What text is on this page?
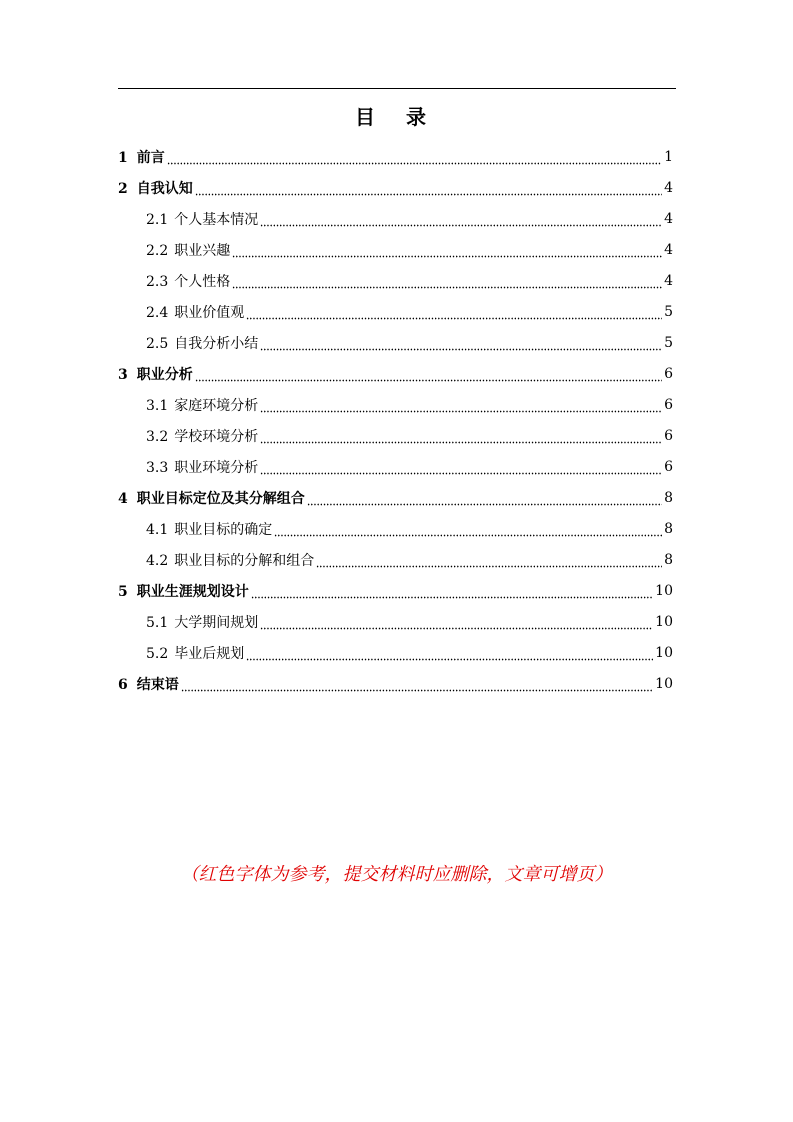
目 录
1 前言	1
2 自我认知	4
2.1 个人基本情况	4
2.2 职业兴趣	4
2.3 个人性格	4
2.4 职业价值观	5
2.5 自我分析小结	5
3 职业分析	6
3.1 家庭环境分析	6
3.2 学校环境分析	6
3.3 职业环境分析	6
4 职业目标定位及其分解组合	8
4.1 职业目标的确定	8
4.2 职业目标的分解和组合	8
5 职业生涯规划设计	10
5.1 大学期间规划	10
5.2 毕业后规划	10
6 结束语	10
（红色字体为参考，提交材料时应删除，文章可增页）
